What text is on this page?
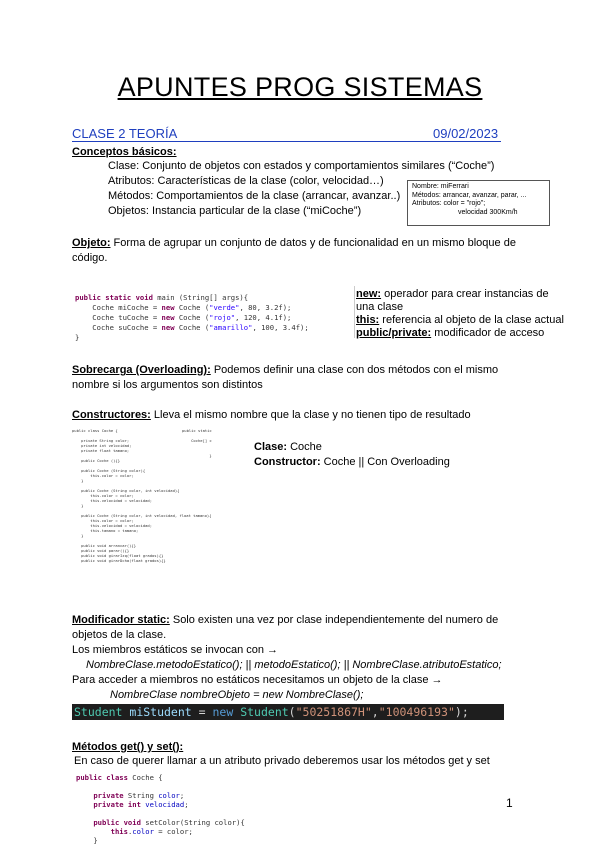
APUNTES PROG SISTEMAS
CLASE 2 TEORÍA	09/02/2023
Conceptos básicos:
Clase: Conjunto de objetos con estados y comportamientos similares (“Coche”)
Atributos: Características de la clase (color, velocidad…)
Métodos: Comportamientos de la clase (arrancar, avanzar..)
Objetos: Instancia particular de la clase (“miCoche”)
Nombre: miFerrari
Métodos: arrancar, avanzar, parar, ...
Atributos: color = "rojo";
velocidad 300Km/h
Objeto: Forma de agrupar un conjunto de datos y de funcionalidad en un mismo bloque de
código.
public static void main (String[] args){
Coche miCoche = new Coche ("verde", 80, 3.2f);
Coche tuCoche = new Coche ("rojo", 120, 4.1f);
Coche suCoche = new Coche ("amarillo", 100, 3.4f);
}
new: operador para crear instancias de una clase
this: referencia al objeto de la clase actual
public/private: modificador de acceso
Sobrecarga (Overloading): Podemos definir una clase con dos métodos con el mismo
nombre si los argumentos son distintos
Constructores: Lleva el mismo nombre que la clase y no tienen tipo de resultado
public class Coche {
private String color;
private int velocidad;
private float tamano;
public Coche (){}
public Coche (String color){
this.color = color;
}
public Coche (String color, int velocidad){
this.color = color;
this.velocidad = velocidad;
}
public Coche (String color, int velocidad, float tamano){
this.color = color;
this.velocidad = velocidad;
this.tamano = tamano;
}
public void arrancar(){}
public void parar(){}
public void girarIzq(float grados){}
public void girarDcha(float grados){}
public static
Coche[] c
}
Clase: Coche
Constructor: Coche || Con Overloading
Modificador static: Solo existen una vez por clase independientemente del numero de
objetos de la clase.
Los miembros estáticos se invocan con →
NombreClase.metodoEstatico(); || metodoEstatico(); || NombreClase.atributoEstatico;
Para acceder a miembros no estáticos necesitamos un objeto de la clase →
NombreClase nombreObjeto = new NombreClase();
Student miStudent = new Student("50251867H","100496193");
Métodos get() y set():
En caso de querer llamar a un atributo privado deberemos usar los métodos get y set
public class Coche {

private String color;
private int velocidad;

public void setColor(String color){
this.color = color;
}
1
